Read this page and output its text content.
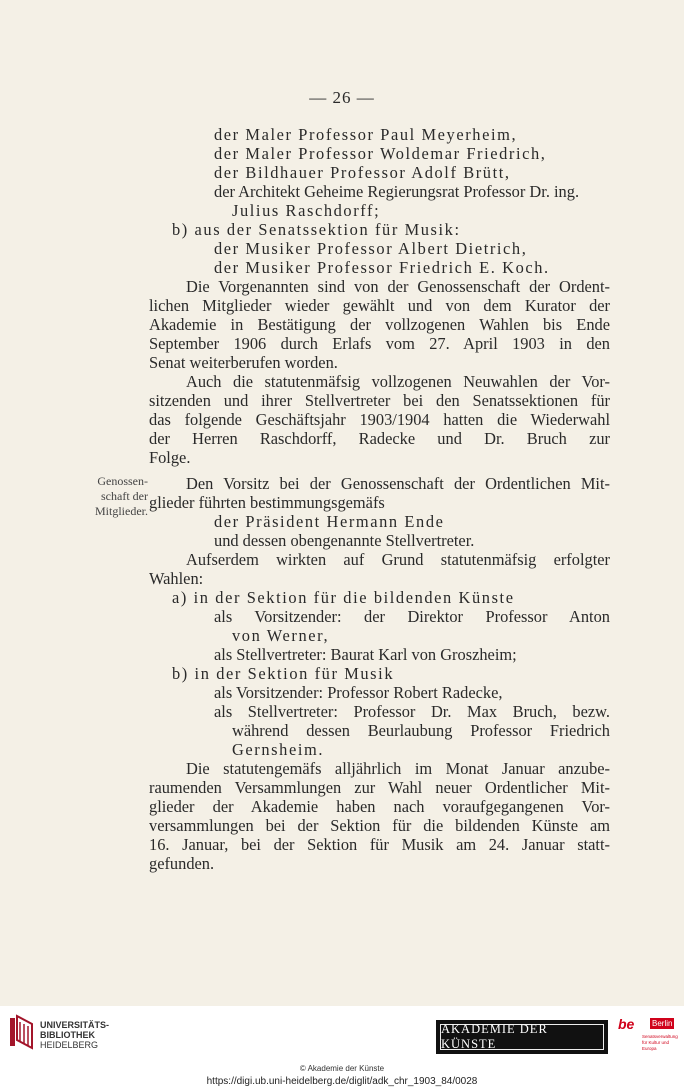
— 26 —
der Maler Professor Paul Meyerheim,
der Maler Professor Woldemar Friedrich,
der Bildhauer Professor Adolf Brütt,
der Architekt Geheime Regierungsrat Professor Dr. ing.
Julius Raschdorff;
b) aus der Senatssektion für Musik:
der Musiker Professor Albert Dietrich,
der Musiker Professor Friedrich E. Koch.
Die Vorgenannten sind von der Genossenschaft der Ordent-
lichen Mitglieder wieder gewählt und von dem Kurator der
Akademie in Bestätigung der vollzogenen Wahlen bis Ende
September 1906 durch Erlafs vom 27. April 1903 in den
Senat weiterberufen worden.
Auch die statutenmäfsig vollzogenen Neuwahlen der Vor-
sitzenden und ihrer Stellvertreter bei den Senatssektionen für
das folgende Geschäftsjahr 1903/1904 hatten die Wiederwahl
der Herren Raschdorff, Radecke und Dr. Bruch zur
Folge.
Genossen-
schaft der
Mitglieder.
Den Vorsitz bei der Genossenschaft der Ordentlichen Mit-
glieder führten bestimmungsgemäfs
der Präsident Hermann Ende
und dessen obengenannte Stellvertreter.
Aufserdem wirkten auf Grund statutenmäfsig erfolgter
Wahlen:
a) in der Sektion für die bildenden Künste
als Vorsitzender: der Direktor Professor Anton
von Werner,
als Stellvertreter: Baurat Karl von Groszheim;
b) in der Sektion für Musik
als Vorsitzender: Professor Robert Radecke,
als Stellvertreter: Professor Dr. Max Bruch, bezw.
während dessen Beurlaubung Professor Friedrich
Gernsheim.
Die statutengemäfs alljährlich im Monat Januar anzube-
raumenden Versammlungen zur Wahl neuer Ordentlicher Mit-
glieder der Akademie haben nach voraufgegangenen Vor-
versammlungen bei der Sektion für die bildenden Künste am
16. Januar, bei der Sektion für Musik am 24. Januar statt-
gefunden.
UNIVERSITÄTS-
BIBLIOTHEK
HEIDELBERG
AKADEMIE DER KÜNSTE
be Berlin
Senatsverwaltung für Kultur und Europa
© Akademie der Künste
https://digi.ub.uni-heidelberg.de/diglit/adk_chr_1903_84/0028
